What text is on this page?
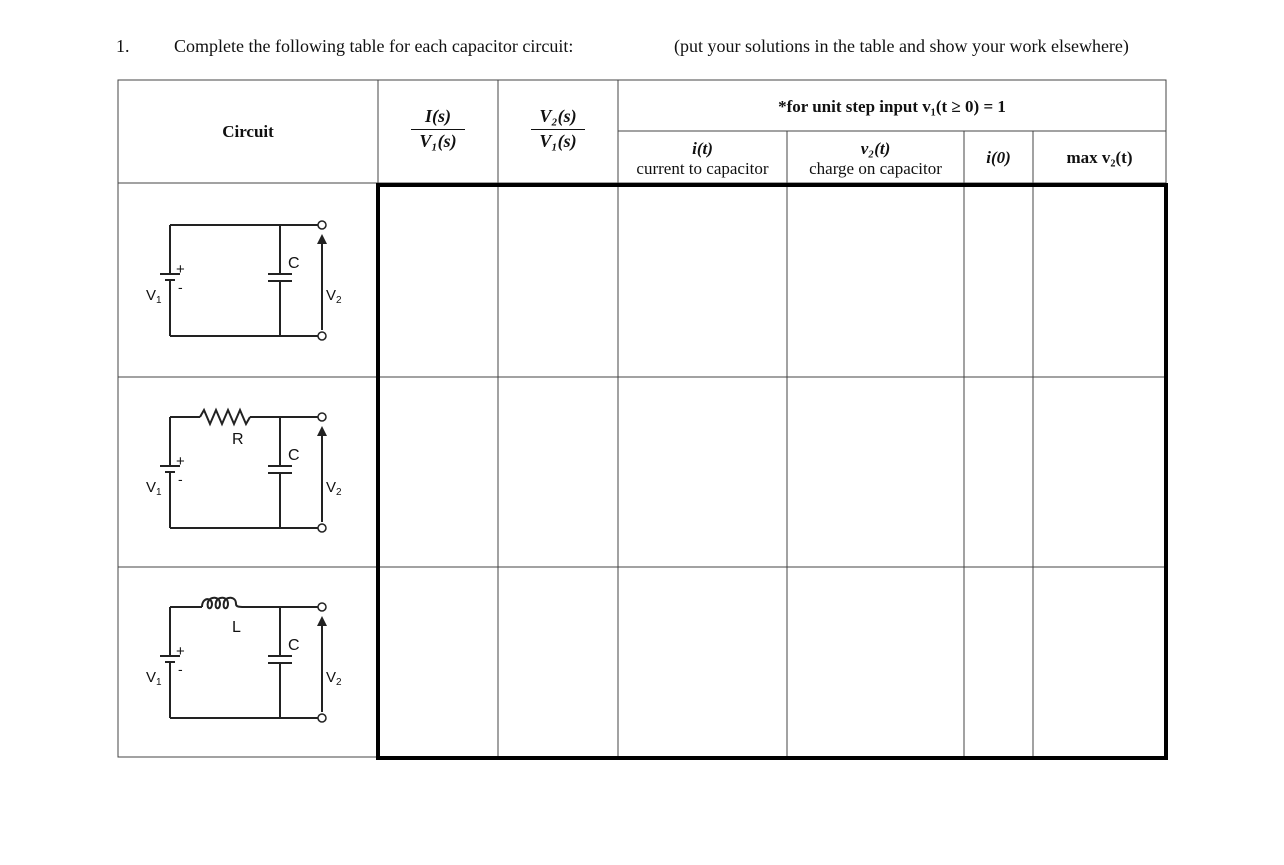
1. Complete the following table for each capacitor circuit:	(put your solutions in the table and show your work elsewhere)
Circuit
I(s)
V₁(s)
V₂(s)
V₁(s)
*for unit step input v₁(t ≥ 0) = 1
i(t)
current to capacitor
v₂(t)
charge on capacitor
i(0)	max v₂(t)
+
-
$V_1$
C
$V_2$
R
+
-
$V_1$
C
$V_2$
L
+
-
$V_1$
C
$V_2$
